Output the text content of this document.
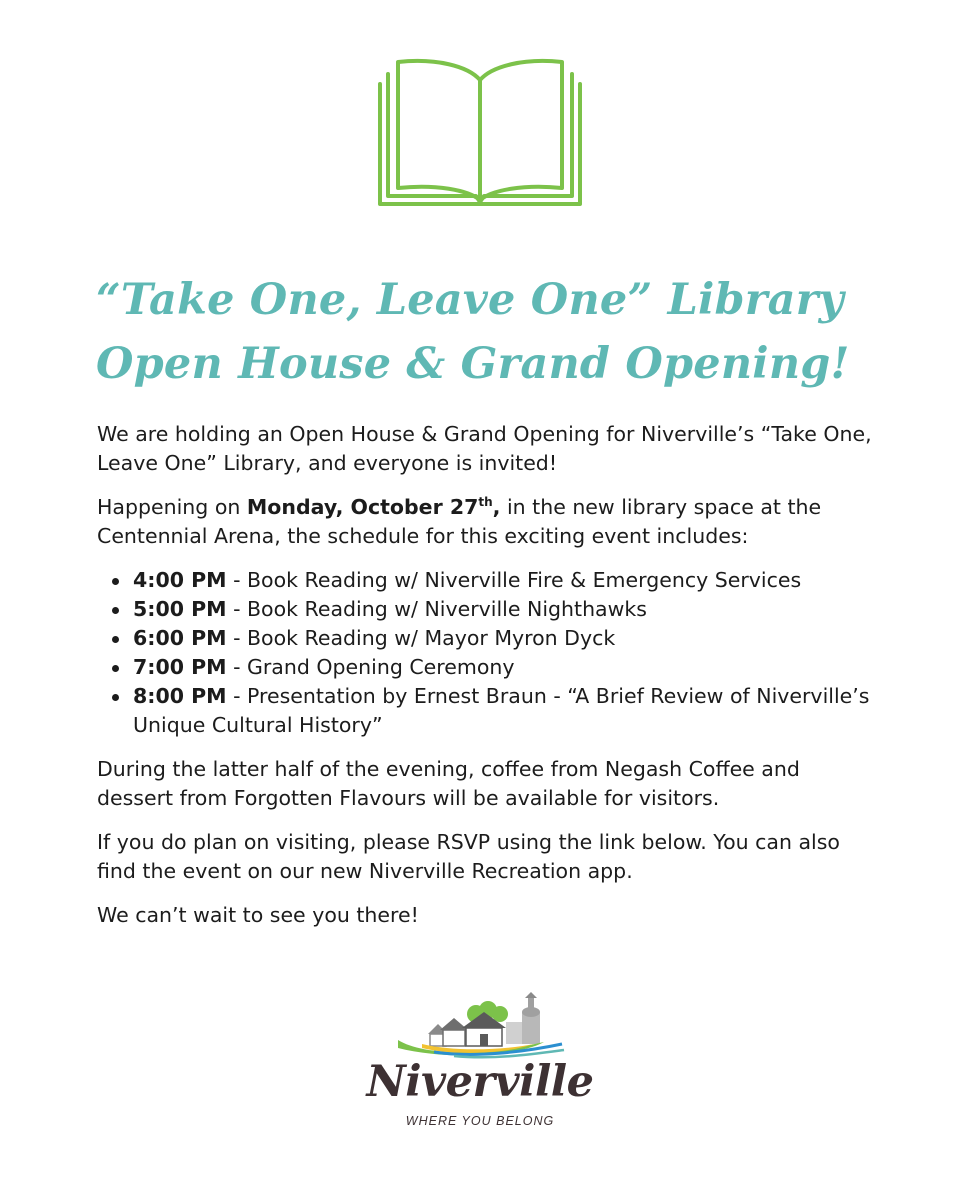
“Take One, Leave One” Library
Open House & Grand Opening!

We are holding an Open House & Grand Opening for Niverville’s “Take One, Leave One” Library, and everyone is invited!

Happening on Monday, October 27th, in the new library space at the Centennial Arena, the schedule for this exciting event includes:

4:00 PM - Book Reading w/ Niverville Fire & Emergency Services
5:00 PM - Book Reading w/ Niverville Nighthawks
6:00 PM - Book Reading w/ Mayor Myron Dyck
7:00 PM - Grand Opening Ceremony
8:00 PM - Presentation by Ernest Braun - “A Brief Review of Niverville’s Unique Cultural History”

During the latter half of the evening, coffee from Negash Coffee and dessert from Forgotten Flavours will be available for visitors.

If you do plan on visiting, please RSVP using the link below. You can also find the event on our new Niverville Recreation app.

We can’t wait to see you there!

Niverville
WHERE YOU BELONG
